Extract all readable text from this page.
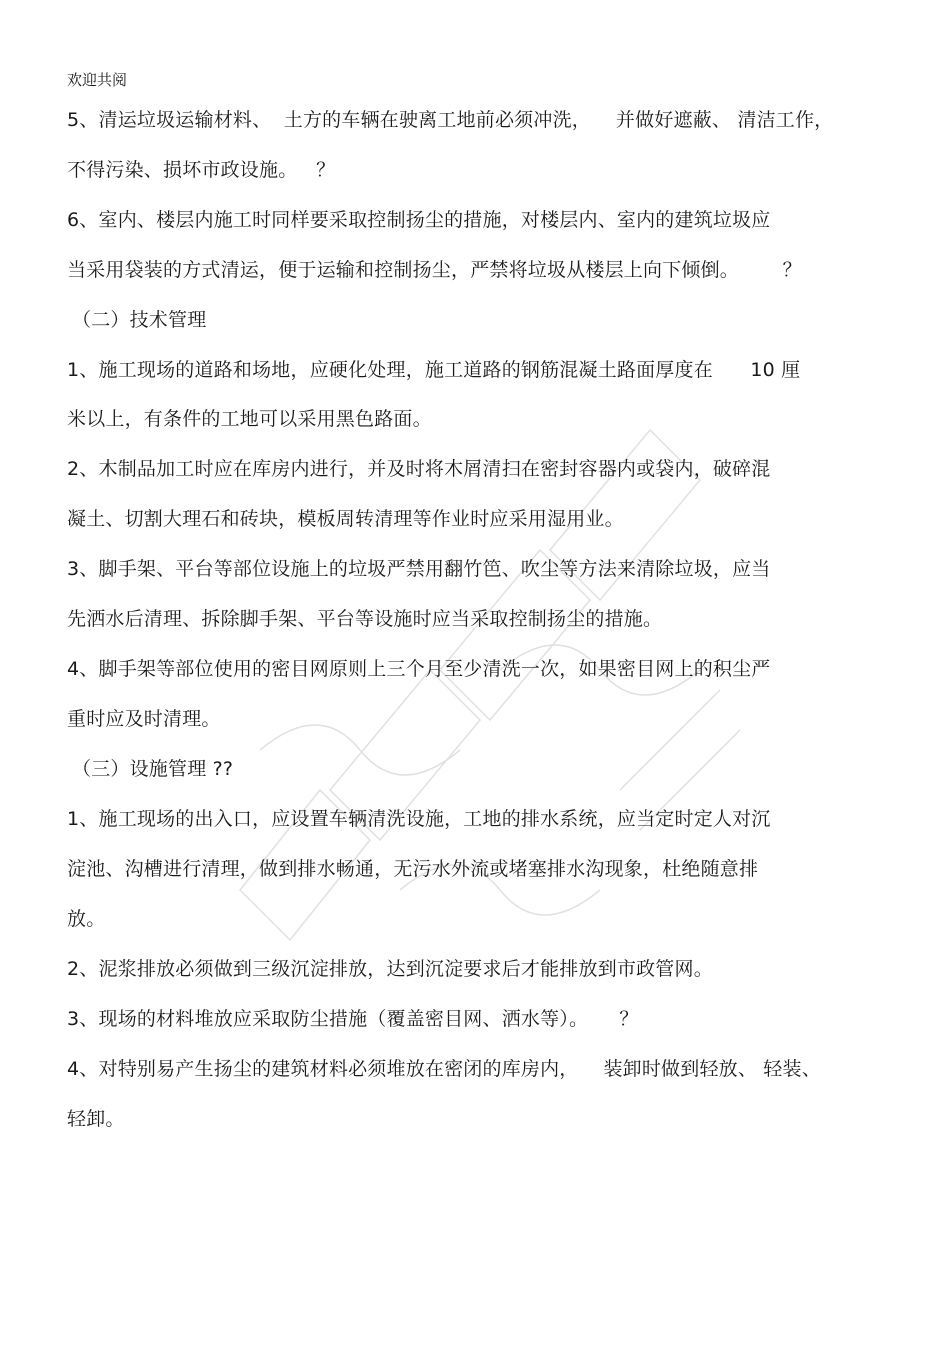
欢迎共阅
5、清运垃圾运输材料、  土方的车辆在驶离工地前必须冲洗，    并做好遮蔽、 清洁工作，
不得污染、损坏市政设施。   ？
6、室内、楼层内施工时同样要采取控制扬尘的措施，对楼层内、室内的建筑垃圾应
当采用袋装的方式清运，便于运输和控制扬尘，严禁将垃圾从楼层上向下倾倒。       ？
（二）技术管理
1、施工现场的道路和场地，应硬化处理，施工道路的钢筋混凝土路面厚度在      10 厘
米以上，有条件的工地可以采用黑色路面。
2、木制品加工时应在库房内进行，并及时将木屑清扫在密封容器内或袋内，破碎混
凝土、切割大理石和砖块，模板周转清理等作业时应采用湿用业。
3、脚手架、平台等部位设施上的垃圾严禁用翻竹笆、吹尘等方法来清除垃圾，应当
先洒水后清理、拆除脚手架、平台等设施时应当采取控制扬尘的措施。
4、脚手架等部位使用的密目网原则上三个月至少清洗一次，如果密目网上的积尘严
重时应及时清理。
（三）设施管理 ??
1、施工现场的出入口，应设置车辆清洗设施，工地的排水系统，应当定时定人对沉
淀池、沟槽进行清理，做到排水畅通，无污水外流或堵塞排水沟现象，杜绝随意排
放。
2、泥浆排放必须做到三级沉淀排放，达到沉淀要求后才能排放到市政管网。
3、现场的材料堆放应采取防尘措施（覆盖密目网、洒水等）。     ？
4、对特别易产生扬尘的建筑材料必须堆放在密闭的库房内，    装卸时做到轻放、 轻装、
轻卸。
